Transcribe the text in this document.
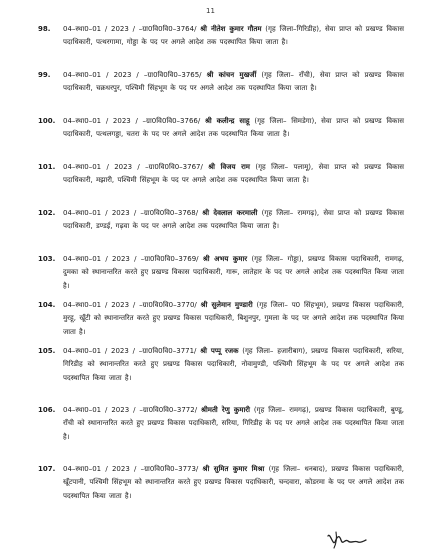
11
98.	04–स्था0–01 / 2023 / –ग्रा0वि0वि0–3764/ श्री नीतेश कुमार गौतम (गृह जिला–गिरिडीह), सेवा प्राप्त को प्रखण्ड विकास पदाधिकारी, पत्थरगामा, गोड्डा के पद पर अगले आदेश तक पदस्थापित किया जाता है।
99.	04–स्था0–01 / 2023 / –ग्रा0वि0वि0–3765/ श्री कांचन मुखर्जी (गृह जिला– राँची), सेवा प्राप्त को प्रखण्ड विकास पदाधिकारी, चक्रधरपुर, पश्चिमी सिंहभूम के पद पर अगले आदेश तक पदस्थापित किया जाता है।
100.	04–स्था0–01 / 2023 / –ग्रा0वि0वि0–3766/ श्री कलीन्द्र साहू (गृह जिला– सिमडेगा), सेवा प्राप्त को प्रखण्ड विकास पदाधिकारी, पत्थलगड्डा, चतरा के पद पर अगले आदेश तक पदस्थापित किया जाता है।
101.	04–स्था0–01 / 2023 / –ग्रा0वि0वि0–3767/ श्री विजय राम (गृह जिला– पलामू), सेवा प्राप्त को प्रखण्ड विकास पदाधिकारी, मझारी, पश्चिमी सिंहभूम के पद पर अगले आदेश तक पदस्थापित किया जाता है।
102.	04–स्था0–01 / 2023 / –ग्रा0वि0वि0–3768/ श्री देवलाल करमाली (गृह जिला– रामगढ़), सेवा प्राप्त को प्रखण्ड विकास पदाधिकारी, डण्डई, गढ़वा के पद पर अगले आदेश तक पदस्थापित किया जाता है।
103.	04–स्था0–01 / 2023 / –ग्रा0वि0वि0–3769/ श्री अभय कुमार (गृह जिला– गोड्डा), प्रखण्ड विकास पदाधिकारी, रामगढ़, दुमका को स्थानान्तरित करते हुए प्रखण्ड विकास पदाधिकारी, गारू, लातेहार के पद पर अगले आदेश तक पदस्थापित किया जाता है।
104.	04–स्था0–01 / 2023 / –ग्रा0वि0वि0–3770/ श्री सुलेमान मुण्डारी (गृह जिला– प0 सिंहभूम), प्रखण्ड विकास पदाधिकारी, मुरहू, खूँटी को स्थानान्तरित करते हुए प्रखण्ड विकास पदाधिकारी, बिशुनपुर, गुमला के पद पर अगले आदेश तक पदस्थापित किया जाता है।
105.	04–स्था0–01 / 2023 / –ग्रा0वि0वि0–3771/ श्री पप्पू रजक (गृह जिला– हजारीबाग), प्रखण्ड विकास पदाधिकारी, सरिया, गिरिडीह को स्थानान्तरित करते हुए प्रखण्ड विकास पदाधिकारी, नोवामुण्डी, पश्चिमी सिंहभूम के पद पर अगले आदेश तक पदस्थापित किया जाता है।
106.	04–स्था0–01 / 2023 / –ग्रा0वि0वि0–3772/ श्रीमती रेणु कुमारी (गृह जिला– रामगढ़), प्रखण्ड विकास पदाधिकारी, बुण्डू, राँची को स्थानान्तरित करते हुए प्रखण्ड विकास पदाधिकारी, सरिया, गिरिडीह के पद पर अगले आदेश तक पदस्थापित किया जाता है।
107.	04–स्था0–01 / 2023 / –ग्रा0वि0वि0–3773/ श्री सुमित कुमार मिश्रा (गृह जिला– धनबाद), प्रखण्ड विकास पदाधिकारी, खूँटपानी, पश्चिमी सिंहभूम को स्थानान्तरित करते हुए प्रखण्ड विकास पदाधिकारी, चन्दवारा, कोडरमा के पद पर अगले आदेश तक पदस्थापित किया जाता है।
